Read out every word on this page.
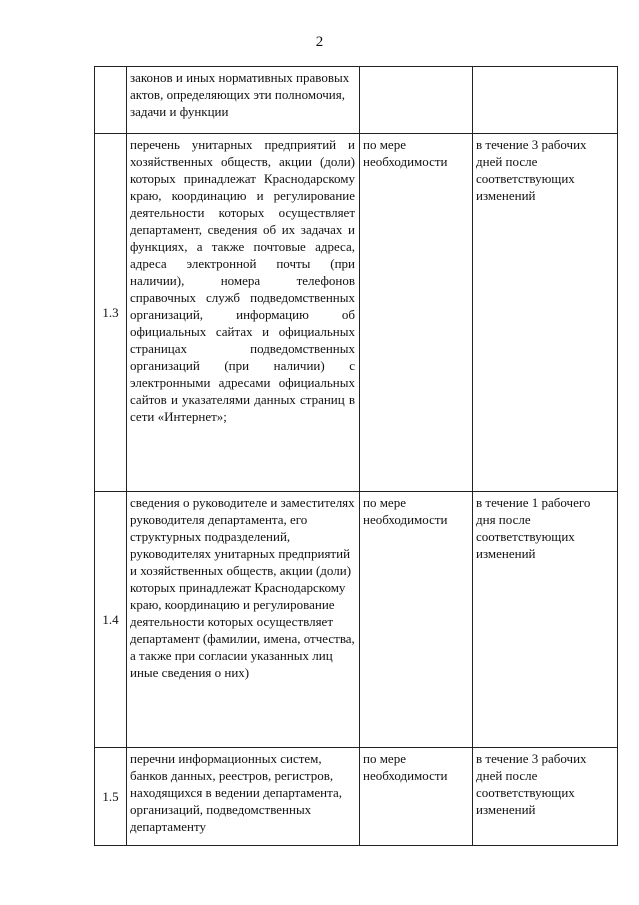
2
	законов и иных нормативных правовых актов, определяющих эти полномочия, задачи и функции		
1.3	перечень унитарных предприятий и хозяйственных обществ, акции (доли) которых принадлежат Краснодарскому краю, координацию и регулирование деятельности которых осуществляет департамент, сведения об их задачах и функциях, а также почтовые адреса, адреса электронной почты (при наличии), номера телефонов справочных служб подведомственных организаций, информацию об официальных сайтах и официальных страницах подведомственных организаций (при наличии) с электронными адресами официальных сайтов и указателями данных страниц в сети «Интернет»;	по мере необходимости	в течение 3 рабочих дней после соответствующих изменений
1.4	сведения о руководителе и заместителях руководителя департамента, его структурных подразделений, руководителях унитарных предприятий и хозяйственных обществ, акции (доли) которых принадлежат Краснодарскому краю, координацию и регулирование деятельности которых осуществляет департамент (фамилии, имена, отчества, а также при согласии указанных лиц иные сведения о них)	по мере необходимости	в течение 1 рабочего дня после соответствующих изменений
1.5	перечни информационных систем, банков данных, реестров, регистров, находящихся в ведении департамента, организаций, подведомственных департаменту	по мере необходимости	в течение 3 рабочих дней после соответствующих изменений
